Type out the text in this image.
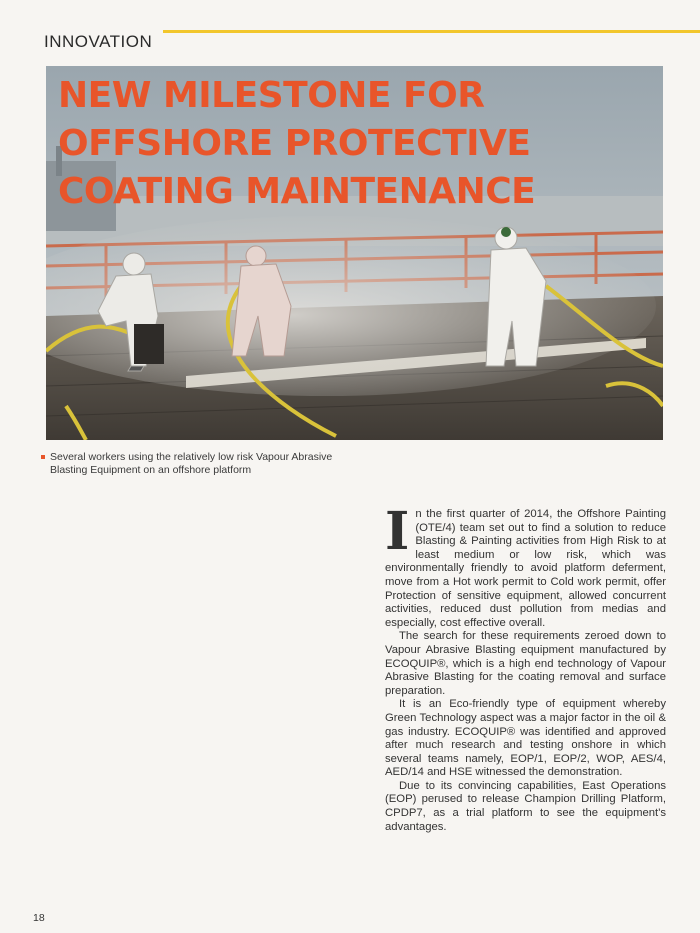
INNOVATION
NEW MILESTONE FOR
OFFSHORE PROTECTIVE
COATING MAINTENANCE
Several workers using the relatively low risk Vapour Abrasive Blasting Equipment on an offshore platform

In the first quarter of 2014, the Offshore Painting (OTE/4) team set out to find a solution to reduce Blasting & Painting activities from High Risk to at least medium or low risk, which was environmentally friendly to avoid platform deferment, move from a Hot work permit to Cold work permit, offer Protection of sensitive equipment, allowed concurrent activities, reduced dust pollution from medias and especially, cost effective overall.

The search for these requirements zeroed down to Vapour Abrasive Blasting equipment manufactured by ECOQUIP®, which is a high end technology of Vapour Abrasive Blasting for the coating removal and surface preparation.

It is an Eco-friendly type of equipment whereby Green Technology aspect was a major factor in the oil & gas industry. ECOQUIP® was identified and approved after much research and testing onshore in which several teams namely, EOP/1, EOP/2, WOP, AES/4, AED/14 and HSE witnessed the demonstration.

Due to its convincing capabilities, East Operations (EOP) perused to release Champion Drilling Platform, CPDP7, as a trial platform to see the equipment's advantages.

18
